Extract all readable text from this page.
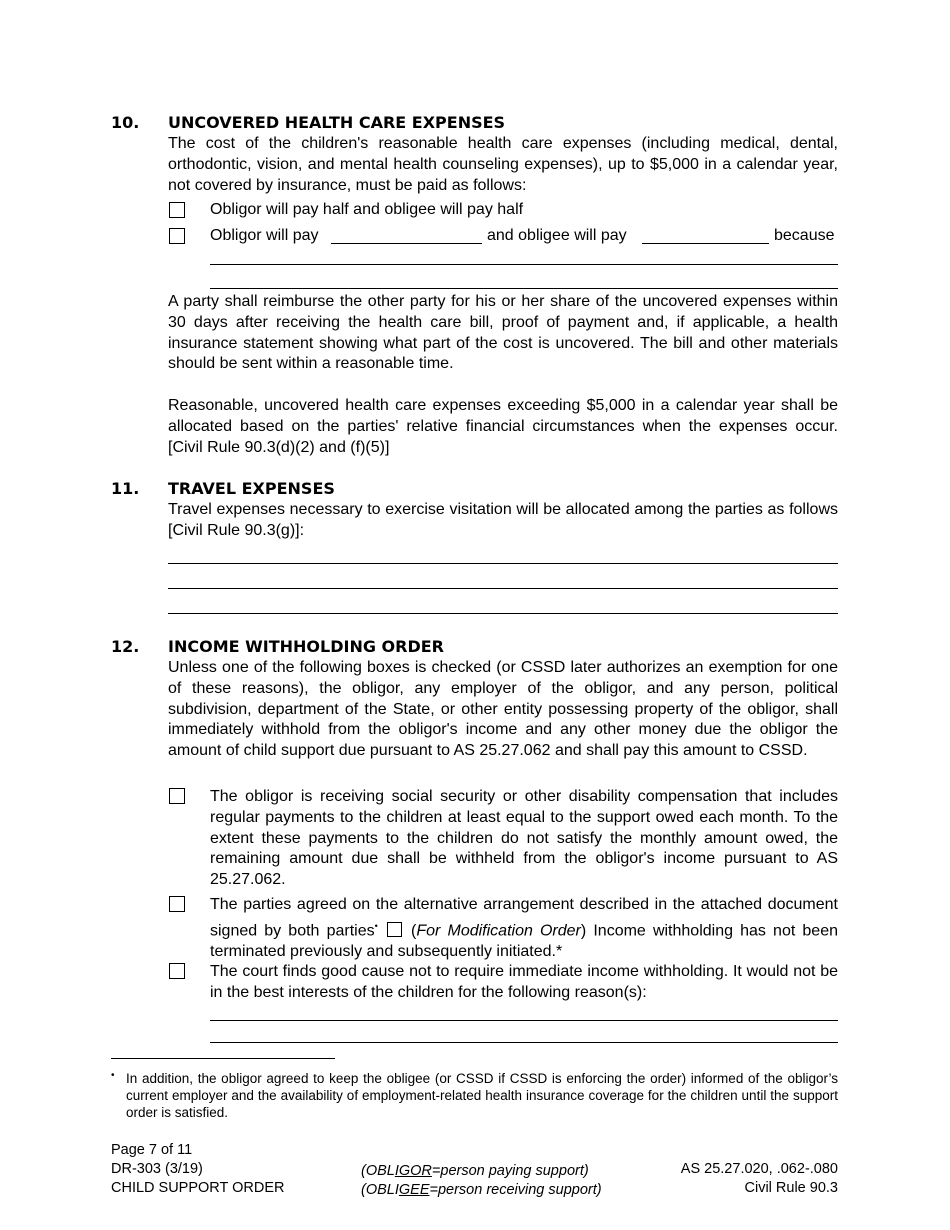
10. UNCOVERED HEALTH CARE EXPENSES
The cost of the children's reasonable health care expenses (including medical, dental, orthodontic, vision, and mental health counseling expenses), up to $5,000 in a calendar year, not covered by insurance, must be paid as follows:
Obligor will pay half and obligee will pay half
Obligor will pay	and obligee will pay	because
A party shall reimburse the other party for his or her share of the uncovered expenses within 30 days after receiving the health care bill, proof of payment and, if applicable, a health insurance statement showing what part of the cost is uncovered. The bill and other materials should be sent within a reasonable time.
Reasonable, uncovered health care expenses exceeding $5,000 in a calendar year shall be allocated based on the parties' relative financial circumstances when the expenses occur. [Civil Rule 90.3(d)(2) and (f)(5)]
11. TRAVEL EXPENSES
Travel expenses necessary to exercise visitation will be allocated among the parties as follows [Civil Rule 90.3(g)]:
12. INCOME WITHHOLDING ORDER
Unless one of the following boxes is checked (or CSSD later authorizes an exemption for one of these reasons), the obligor, any employer of the obligor, and any person, political subdivision, department of the State, or other entity possessing property of the obligor, shall immediately withhold from the obligor's income and any other money due the obligor the amount of child support due pursuant to AS 25.27.062 and shall pay this amount to CSSD.
The obligor is receiving social security or other disability compensation that includes regular payments to the children at least equal to the support owed each month. To the extent these payments to the children do not satisfy the monthly amount owed, the remaining amount due shall be withheld from the obligor's income pursuant to AS 25.27.062.
The parties agreed on the alternative arrangement described in the attached document signed by both parties• (For Modification Order) Income withholding has not been terminated previously and subsequently initiated.*
The court finds good cause not to require immediate income withholding. It would not be in the best interests of the children for the following reason(s):
• In addition, the obligor agreed to keep the obligee (or CSSD if CSSD is enforcing the order) informed of the obligor’s current employer and the availability of employment-related health insurance coverage for the children until the support order is satisfied.
Page 7 of 11
DR-303 (3/19)
CHILD SUPPORT ORDER
(OBLIGOR=person paying support)
(OBLIGEE=person receiving support)
AS 25.27.020, .062-.080
Civil Rule 90.3
